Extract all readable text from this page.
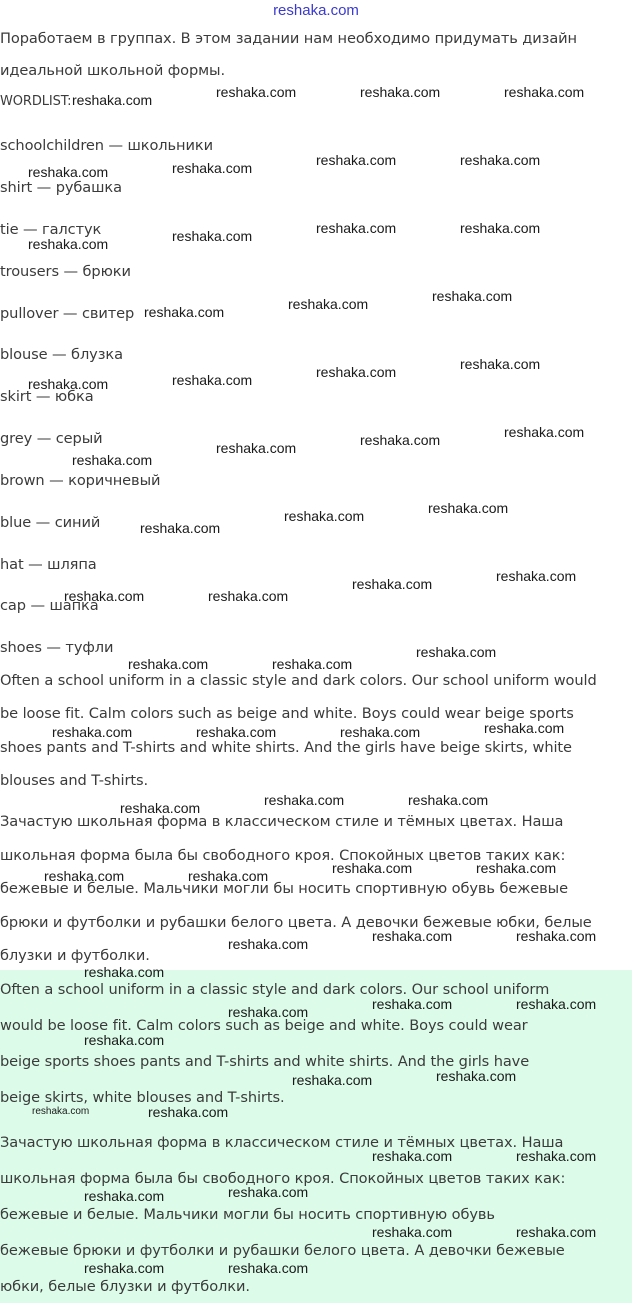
reshaka.com
Поработаем в группах. В этом задании нам необходимо придумать дизайн
идеальной школьной формы.
WORDLIST:
schoolchildren — школьники
shirt — рубашка
tie — галстук
trousers — брюки
pullover — свитер
blouse — блузка
skirt — юбка
grey — серый
brown — коричневый
blue — синий
hat — шляпа
cap — шапка
shoes — туфли
Often a school uniform in a classic style and dark colors. Our school uniform would
be loose fit. Calm colors such as beige and white. Boys could wear beige sports
shoes pants and T-shirts and white shirts. And the girls have beige skirts, white
blouses and T-shirts.
Зачастую школьная форма в классическом стиле и тёмных цветах. Наша
школьная форма была бы свободного кроя. Спокойных цветов таких как:
бежевые и белые. Мальчики могли бы носить спортивную обувь бежевые
брюки и футболки и рубашки белого цвета. А девочки бежевые юбки, белые
блузки и футболки.
Often a school uniform in a classic style and dark colors. Our school uniform
would be loose fit. Calm colors such as beige and white. Boys could wear
beige sports shoes pants and T-shirts and white shirts. And the girls have
beige skirts, white blouses and T-shirts.
Зачастую школьная форма в классическом стиле и тёмных цветах. Наша
школьная форма была бы свободного кроя. Спокойных цветов таких как:
бежевые и белые. Мальчики могли бы носить спортивную обувь
бежевые брюки и футболки и рубашки белого цвета. А девочки бежевые
юбки, белые блузки и футболки.
reshaka.com	reshaka.com	reshaka.com	reshaka.com
reshaka.com	reshaka.com	reshaka.com	reshaka.com
reshaka.com	reshaka.com	reshaka.com	reshaka.com
reshaka.com	reshaka.com	reshaka.com
reshaka.com	reshaka.com	reshaka.com	reshaka.com
reshaka.com	reshaka.com	reshaka.com
reshaka.com
reshaka.com
reshaka.com	reshaka.com
reshaka.com	reshaka.com
reshaka.com	reshaka.com
reshaka.com
reshaka.com	reshaka.com
reshaka.com	reshaka.com	reshaka.com	reshaka.com
reshaka.com	reshaka.com
reshaka.com
reshaka.com	reshaka.com
reshaka.com	reshaka.com
reshaka.com	reshaka.com
reshaka.com
reshaka.com
reshaka.com	reshaka.com
reshaka.com
reshaka.com
reshaka.com
reshaka.com
reshaka.com	reshaka.com
reshaka.com	reshaka.com
reshaka.com
reshaka.com
reshaka.com	reshaka.com
reshaka.com	reshaka.com
